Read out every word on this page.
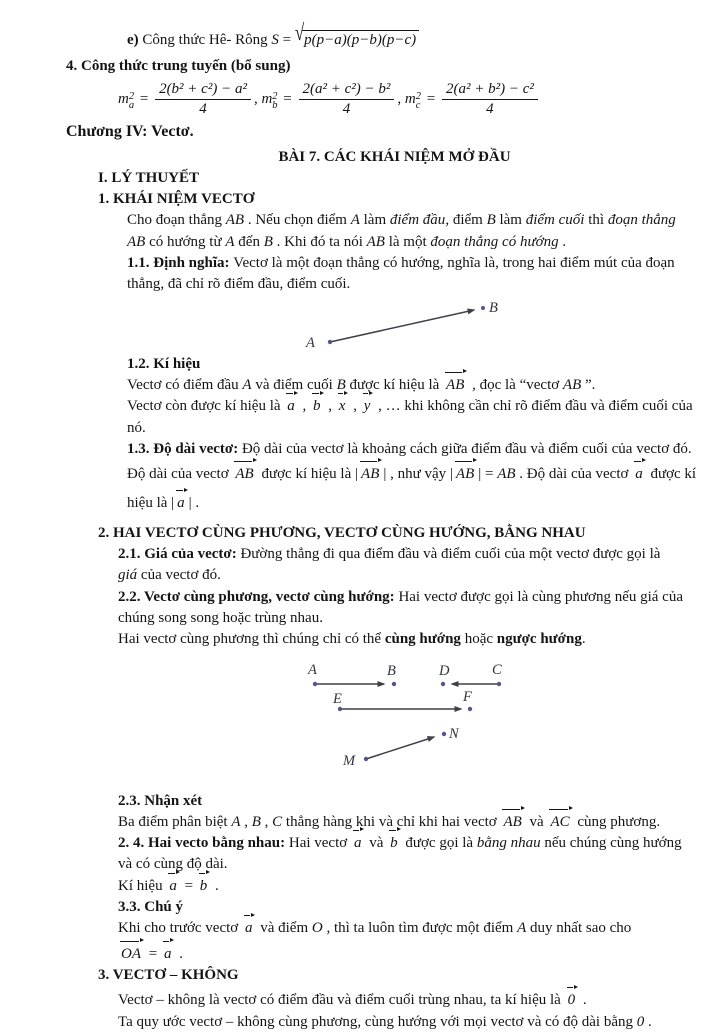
e) Công thức Hê- Rông S = √p(p−a)(p−b)(p−c)
4. Công thức trung tuyến (bổ sung)
m 2
$a = \frac{\text{2(b² + c²) − a²}}{4}$ , m 2
$b = \frac{\text{2(a² + c²) − b²}}{4}$ , m 2
$c = \frac{\text{2(a² + b²) − c²}}{4}$
Chương IV: Vectơ.
BÀI 7. CÁC KHÁI NIỆM MỞ ĐẦU
I. LÝ THUYẾT
1. KHÁI NIỆM VECTƠ
Cho đoạn thẳng AB . Nếu chọn điểm A làm điểm đầu, điểm B làm điểm cuối thì đoạn thẳng
AB có hướng từ A đến B . Khi đó ta nói AB là một đoạn thẳng có hướng .
1.1. Định nghĩa: Vectơ là một đoạn thẳng có hướng, nghĩa là, trong hai điểm mút của đoạn
thẳng, đã chỉ rõ điểm đầu, điểm cuối.
A
B
1.2. Kí hiệu
Vectơ có điểm đầu A và điểm cuối B được kí hiệu là AB , đọc là “vectơ AB ”.
Vectơ còn được kí hiệu là a , b , x , y , … khi không cần chỉ rõ điểm đầu và điểm cuối của
nó.
1.3. Độ dài vectơ: Độ dài của vectơ là khoảng cách giữa điểm đầu và điểm cuối của vectơ đó.
Độ dài của vectơ AB được kí hiệu là | AB | , như vậy | AB | = AB . Độ dài của vectơ a được kí
hiệu là | a | .
2. HAI VECTƠ CÙNG PHƯƠNG, VECTƠ CÙNG HƯỚNG, BẰNG NHAU
2.1. Giá của vectơ: Đường thẳng đi qua điểm đầu và điểm cuối của một vectơ được gọi là
giá của vectơ đó.
2.2. Vectơ cùng phương, vectơ cùng hướng: Hai vectơ được gọi là cùng phương nếu giá của
chúng song song hoặc trùng nhau.
Hai vectơ cùng phương thì chúng chỉ có thể cùng hướng hoặc ngược hướng.
A	B	D	C
E	F
N
M
2.3. Nhận xét
Ba điểm phân biệt A , B , C thẳng hàng khi và chỉ khi hai vectơ AB và AC cùng phương.
2. 4. Hai vecto bằng nhau: Hai vectơ a và b được gọi là bằng nhau nếu chúng cùng hướng
và có cùng độ dài.
Kí hiệu a = b .
3.3. Chú ý
Khi cho trước vectơ a và điểm O , thì ta luôn tìm được một điểm A duy nhất sao cho
OA = a .
3. VECTƠ – KHÔNG
Vectơ – không là vectơ có điểm đầu và điểm cuối trùng nhau, ta kí hiệu là 0 .
Ta quy ước vectơ – không cùng phương, cùng hướng với mọi vectơ và có độ dài bằng 0 .
